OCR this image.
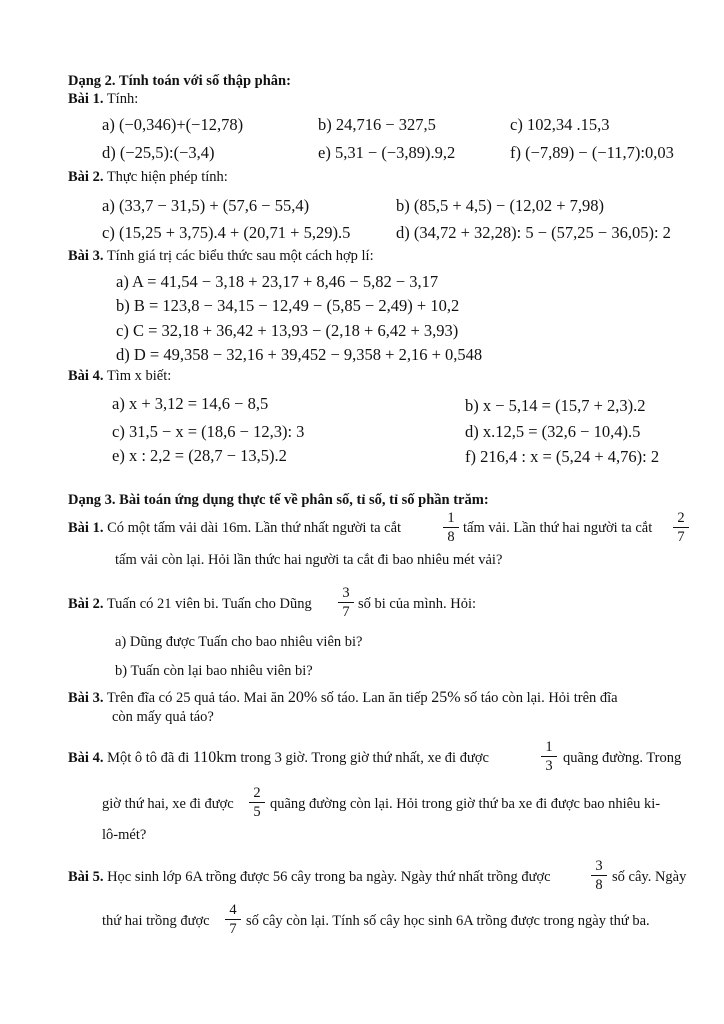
Dạng 2. Tính toán với số thập phân:
Bài 1. Tính:
a) (−0,346)+(−12,78)	b) 24,716 − 327,5	c) 102,34 .15,3
d) (−25,5):(−3,4)	e) 5,31 − (−3,89).9,2	f) (−7,89) − (−11,7):0,03
Bài 2. Thực hiện phép tính:
a) (33,7 − 31,5) + (57,6 − 55,4)	b) (85,5 + 4,5) − (12,02 + 7,98)
c) (15,25 + 3,75).4 + (20,71 + 5,29).5	d) (34,72 + 32,28): 5 − (57,25 − 36,05): 2
Bài 3. Tính giá trị các biểu thức sau một cách hợp lí:
a) A = 41,54 − 3,18 + 23,17 + 8,46 − 5,82 − 3,17
b) B = 123,8 − 34,15 − 12,49 − (5,85 − 2,49) + 10,2
c) C = 32,18 + 36,42 + 13,93 − (2,18 + 6,42 + 3,93)
d) D = 49,358 − 32,16 + 39,452 − 9,358 + 2,16 + 0,548
Bài 4. Tìm x biết:
a) x + 3,12 = 14,6 − 8,5	b) x − 5,14 = (15,7 + 2,3).2
c) 31,5 − x = (18,6 − 12,3): 3	d) x.12,5 = (32,6 − 10,4).5
e) x : 2,2 = (28,7 − 13,5).2	f) 216,4 : x = (5,24 + 4,76): 2
Dạng 3. Bài toán ứng dụng thực tế về phân số, tỉ số, tỉ số phần trăm:
Bài 1. Có một tấm vải dài 16m. Lần thứ nhất người ta cắt	$\frac{1}{8}$ tấm vải. Lần thứ hai người ta cắt $\frac{2}{7}$
tấm vải còn lại. Hỏi lần thức hai người ta cắt đi bao nhiêu mét vải?
Bài 2. Tuấn có 21 viên bi. Tuấn cho Dũng $\frac{3}{7}$ số bi của mình. Hỏi:
a) Dũng được Tuấn cho bao nhiêu viên bi?
b) Tuấn còn lại bao nhiêu viên bi?
Bài 3. Trên đĩa có 25 quả táo. Mai ăn 20% số táo. Lan ăn tiếp 25% số táo còn lại. Hỏi trên đĩa
còn mấy quả táo?
Bài 4. Một ô tô đã đi 110km trong 3 giờ. Trong giờ thứ nhất, xe đi được	$\frac{1}{3}$ quãng đường. Trong
giờ thứ hai, xe đi được $\frac{2}{5}$ quãng đường còn lại. Hỏi trong giờ thứ ba xe đi được bao nhiêu ki-
lô-mét?
Bài 5. Học sinh lớp 6A trồng được 56 cây trong ba ngày. Ngày thứ nhất trồng được	$\frac{3}{8}$ số cây. Ngày
thứ hai trồng được $\frac{4}{7}$ số cây còn lại. Tính số cây học sinh 6A trồng được trong ngày thứ ba.
